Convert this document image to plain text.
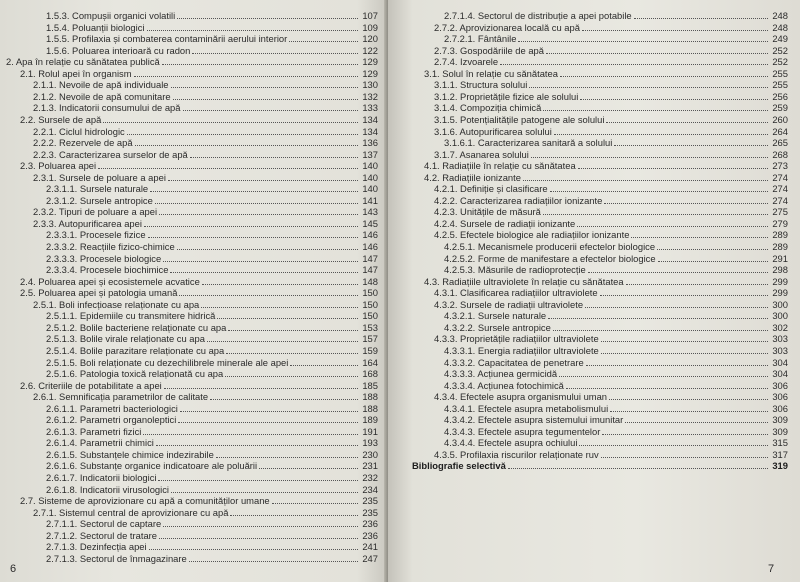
1.5.3. Compușii organici volatili	107
1.5.4. Poluanții biologici	109
1.5.5. Profilaxia și combaterea contaminării aerului interior	120
1.5.6. Poluarea interioară cu radon	122
2. Apa în relație cu sănătatea publică	129
2.1. Rolul apei în organism	129
2.1.1. Nevoile de apă individuale	130
2.1.2. Nevoile de apă comunitare	132
2.1.3. Indicatorii consumului de apă	133
2.2. Sursele de apă	134
2.2.1. Ciclul hidrologic	134
2.2.2. Rezervele de apă	136
2.2.3. Caracterizarea surselor de apă	137
2.3. Poluarea apei	140
2.3.1. Sursele de poluare a apei	140
2.3.1.1. Sursele naturale	140
2.3.1.2. Sursele antropice	141
2.3.2. Tipuri de poluare a apei	143
2.3.3. Autopurificarea apei	145
2.3.3.1. Procesele fizice	146
2.3.3.2. Reacțiile fizico-chimice	146
2.3.3.3. Procesele biologice	147
2.3.3.4. Procesele biochimice	147
2.4. Poluarea apei și ecosistemele acvatice	148
2.5. Poluarea apei și patologia umană	150
2.5.1. Boli infecțioase relaționate cu apa	150
2.5.1.1. Epidemiile cu transmitere hidrică	150
2.5.1.2. Bolile bacteriene relaționate cu apa	153
2.5.1.3. Bolile virale relaționate cu apa	157
2.5.1.4. Bolile parazitare relaționate cu apa	159
2.5.1.5. Boli relaționate cu dezechilibrele minerale ale apei	164
2.5.1.6. Patologia toxică relaționată cu apa	168
2.6. Criteriile de potabilitate a apei	185
2.6.1. Semnificația parametrilor de calitate	188
2.6.1.1. Parametri bacteriologici	188
2.6.1.2. Parametri organoleptici	189
2.6.1.3. Parametri fizici	191
2.6.1.4. Parametrii chimici	193
2.6.1.5. Substanțele chimice indezirabile	230
2.6.1.6. Substanțe organice indicatoare ale poluării	231
2.6.1.7. Indicatorii biologici	232
2.6.1.8. Indicatorii virusologici	234
2.7. Sisteme de aprovizionare cu apă a comunităților umane	235
2.7.1. Sistemul central de aprovizionare cu apă	235
2.7.1.1. Sectorul de captare	236
2.7.1.2. Sectorul de tratare	236
2.7.1.3. Dezinfecția apei	241
2.7.1.3. Sectorul de înmagazinare	247
6
2.7.1.4. Sectorul de distribuție a apei potabile	248
2.7.2. Aprovizionarea locală cu apă	248
2.7.2.1. Fântânile	249
2.7.3. Gospodăriile de apă	252
2.7.4. Izvoarele	252
3.1. Solul în relație cu sănătatea	255
3.1.1. Structura solului	255
3.1.2. Proprietățile fizice ale solului	256
3.1.4. Compoziția chimică	259
3.1.5. Potențialitățile patogene ale solului	260
3.1.6. Autopurificarea solului	264
3.1.6.1. Caracterizarea sanitară a solului	265
3.1.7. Asanarea solului	268
4.1. Radiațiile în relație cu sănătatea	273
4.2. Radiațiile ionizante	274
4.2.1. Definiție și clasificare	274
4.2.2. Caracterizarea radiațiilor ionizante	274
4.2.3. Unitățile de măsură	275
4.2.4. Sursele de radiații ionizante	279
4.2.5. Efectele biologice ale radiațiilor ionizante	289
4.2.5.1. Mecanismele producerii efectelor biologice	289
4.2.5.2. Forme de manifestare a efectelor biologice	291
4.2.5.3. Măsurile de radioprotecție	298
4.3. Radiațiile ultraviolete în relație cu sănătatea	299
4.3.1. Clasificarea radiațiilor ultraviolete	299
4.3.2. Sursele de radiații ultraviolete	300
4.3.2.1. Sursele naturale	300
4.3.2.2. Sursele antropice	302
4.3.3. Proprietățile radiațiilor ultraviolete	303
4.3.3.1. Energia radiațiilor ultraviolete	303
4.3.3.2. Capacitatea de penetrare	304
4.3.3.3. Acțiunea germicidă	304
4.3.3.4. Acțiunea fotochimică	306
4.3.4. Efectele asupra organismului uman	306
4.3.4.1. Efectele asupra metabolismului	306
4.3.4.2. Efectele asupra sistemului imunitar	309
4.3.4.3. Efectele asupra tegumentelor	309
4.3.4.4. Efectele asupra ochiului	315
4.3.5. Profilaxia riscurilor relaționate ruv	317
Bibliografie selectivă	319
7
